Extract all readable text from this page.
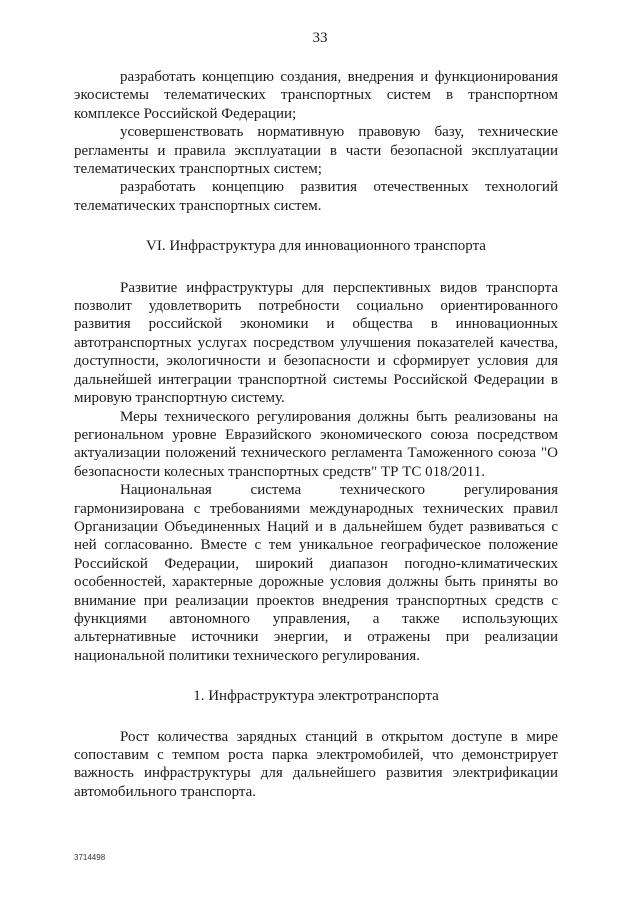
33

разработать концепцию создания, внедрения и функционирования экосистемы телематических транспортных систем в транспортном комплексе Российской Федерации;

усовершенствовать нормативную правовую базу, технические регламенты и правила эксплуатации в части безопасной эксплуатации телематических транспортных систем;

разработать концепцию развития отечественных технологий телематических транспортных систем.

VI. Инфраструктура для инновационного транспорта

Развитие инфраструктуры для перспективных видов транспорта позволит удовлетворить потребности социально ориентированного развития российской экономики и общества в инновационных автотранспортных услугах посредством улучшения показателей качества, доступности, экологичности и безопасности и сформирует условия для дальнейшей интеграции транспортной системы Российской Федерации в мировую транспортную систему.

Меры технического регулирования должны быть реализованы на региональном уровне Евразийского экономического союза посредством актуализации положений технического регламента Таможенного союза "О безопасности колесных транспортных средств" ТР ТС 018/2011.

Национальная система технического регулирования гармонизирована с требованиями международных технических правил Организации Объединенных Наций и в дальнейшем будет развиваться с ней согласованно. Вместе с тем уникальное географическое положение Российской Федерации, широкий диапазон погодно-климатических особенностей, характерные дорожные условия должны быть приняты во внимание при реализации проектов внедрения транспортных средств с функциями автономного управления, а также использующих альтернативные источники энергии, и отражены при реализации национальной политики технического регулирования.

1. Инфраструктура электротранспорта

Рост количества зарядных станций в открытом доступе в мире сопоставим с темпом роста парка электромобилей, что демонстрирует важность инфраструктуры для дальнейшего развития электрификации автомобильного транспорта.

3714498
